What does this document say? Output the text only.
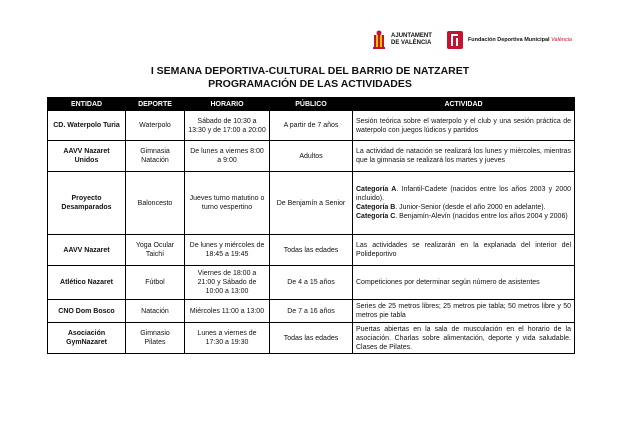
AJUNTAMENT
DE VALÈNCIA
Fundación Deportiva Municipal València
I SEMANA DEPORTIVA-CULTURAL DEL BARRIO DE NATZARET
PROGRAMACIÓN DE LAS ACTIVIDADES
ENTIDAD	DEPORTE	HORARIO	PÚBLICO	ACTIVIDAD
CD. Waterpolo Turia	Waterpolo	Sábado de 10:30 a 13:30 y de 17:00 a 20:00	A partir de 7 años	Sesión teórica sobre el waterpolo y el club y una sesión práctica de waterpolo con juegos lúdicos y partidos
AAVV Nazaret Unidos	Gimnasia Natación	De lunes a viernes 8:00 a 9:00	Adultos	La actividad de natación se realizará los lunes y miércoles, mientras que la gimnasia se realizará los martes y jueves
Proyecto Desamparados	Baloncesto	Jueves turno matutino o turno vespertino	De Benjamín a Senior	Categoría A. Infantil-Cadete (nacidos entre los años 2003 y 2000 incluido).
Categoría B. Junior-Senior (desde el año 2000 en adelante).
Categoría C. Benjamín-Alevín (nacidos entre los años 2004 y 2006)

AAVV Nazaret	Yoga Ocular Taichí	De lunes y miércoles de 18:45 a 19:45	Todas las edades	Las actividades se realizarán en la explanada del interior del Polideportivo
Atlético Nazaret	Fútbol	Viernes de 18:00 a 21:00 y Sábado de 10:00 a 13:00	De 4 a 15 años	Competiciones por determinar según número de asistentes
CNO Dom Bosco	Natación	Miércoles 11:00 a 13:00	De 7 a 16 años	Series de 25 metros libres; 25 metros pie tabla; 50 metros libre y 50 metros pie tabla
Asociación GymNazaret	Gimnasio Pilates	Lunes a viernes de 17:30 a 19:30	Todas las edades	Puertas abiertas en la sala de musculación en el horario de la asociación. Charlas sobre alimentación, deporte y vida saludable. Clases de Pilates.
